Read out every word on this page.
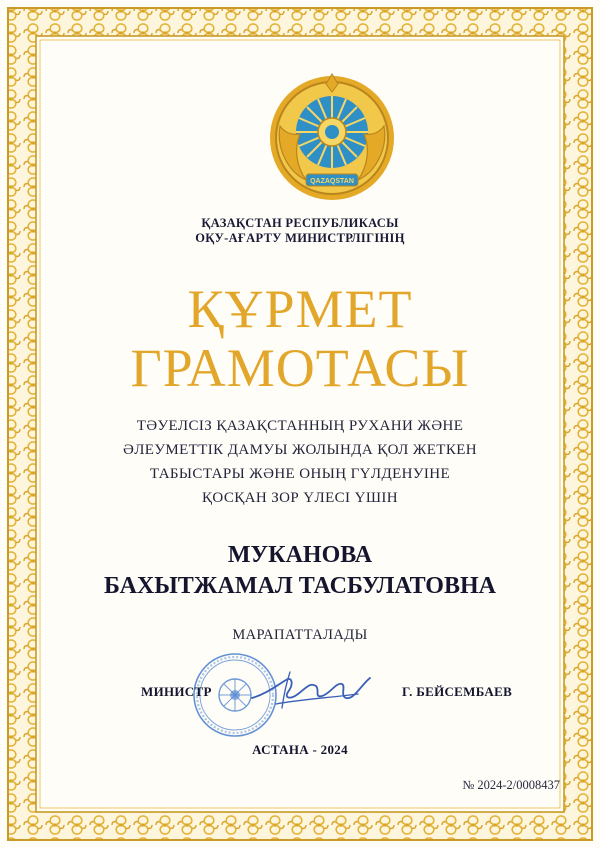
QAZAQSTAN
ҚАЗАҚСТАН РЕСПУБЛИКАСЫ
ОҚУ-АҒАРТУ МИНИСТРЛІГІНІҢ
ҚҰРМЕТ
ГРАМОТАСЫ
ТӘУЕЛСІЗ ҚАЗАҚСТАННЫҢ РУХАНИ ЖӘНЕ
ӘЛЕУМЕТТІК ДАМУЫ ЖОЛЫНДА ҚОЛ ЖЕТКЕН
ТАБЫСТАРЫ ЖӘНЕ ОНЫҢ ГҮЛДЕНУІНЕ
ҚОСҚАН ЗОР ҮЛЕСІ ҮШІН
МУКАНОВА
БАХЫТЖАМАЛ ТАСБУЛАТОВНА
МАРАПАТТАЛАДЫ
МИНИСТР	Г. БЕЙСЕМБАЕВ
АСТАНА - 2024
№ 2024-2/0008437
